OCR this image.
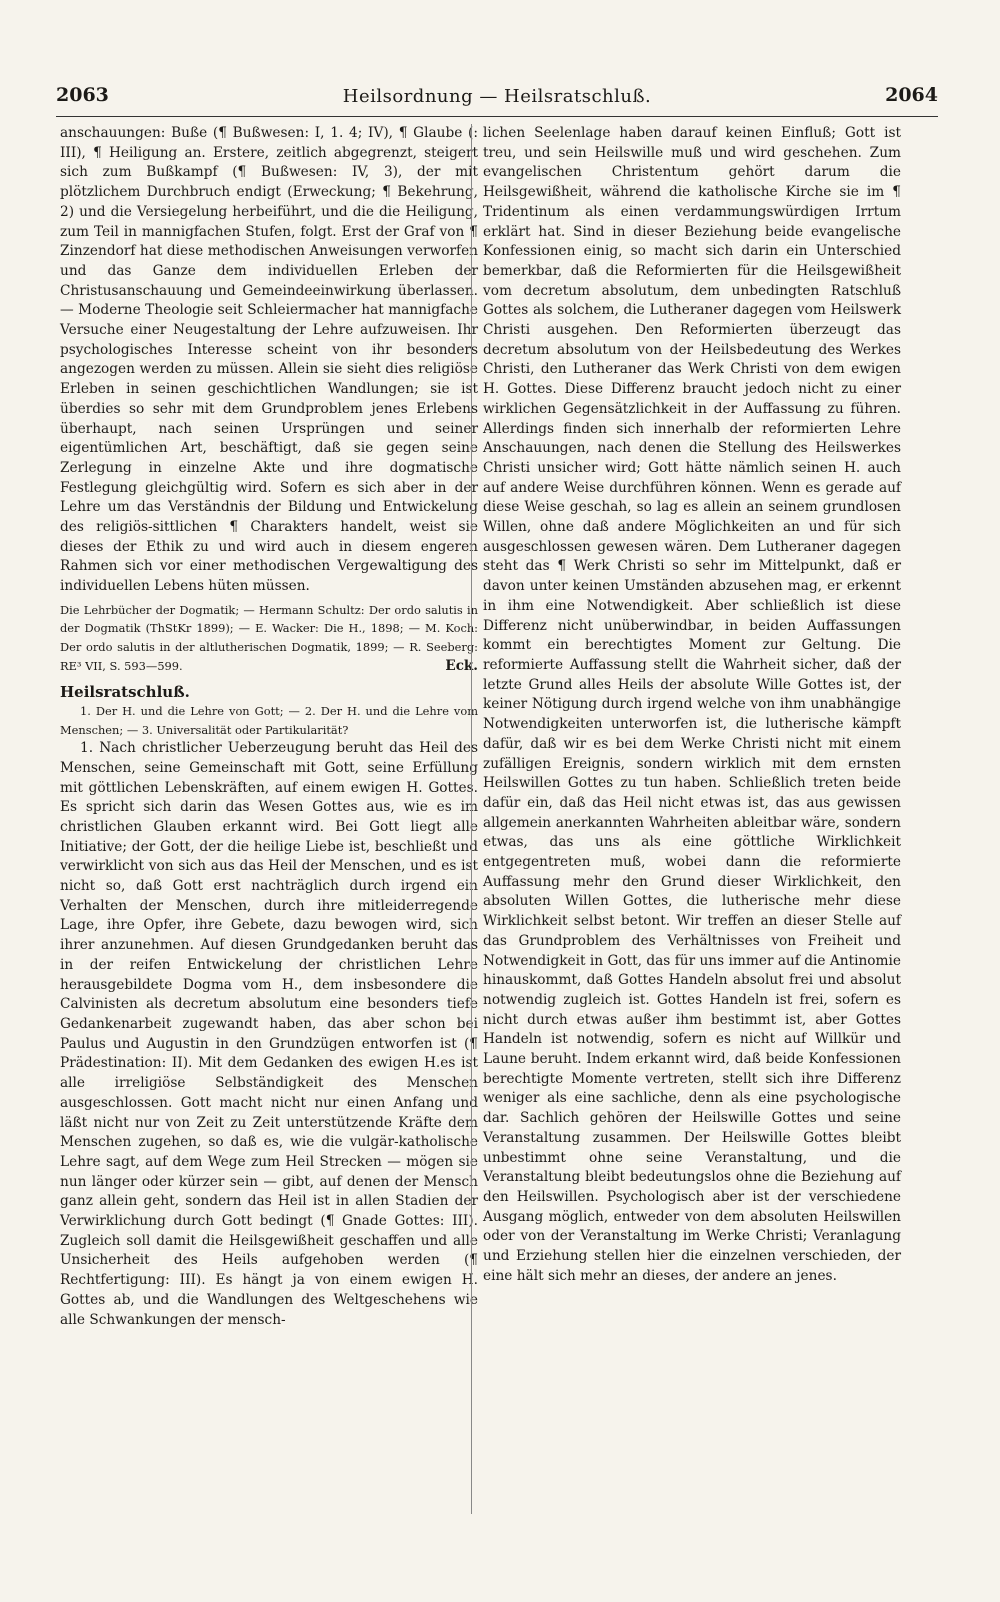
2063	Heilsordnung — Heilsratschluß.	2064

anschauungen: Buße (¶ Bußwesen: I, 1. 4; IV), ¶ Glaube (: III), ¶ Heiligung an. Erstere, zeitlich abgegrenzt, steigert sich zum Bußkampf (¶ Bußwesen: IV, 3), der mit plötzlichem Durchbruch endigt (Erweckung; ¶ Bekehrung, 2) und die Versiegelung herbeiführt, und die die Heiligung, zum Teil in mannigfachen Stufen, folgt. Erst der Graf von ¶ Zinzendorf hat diese methodischen Anweisungen verworfen und das Ganze dem individuellen Erleben der Christusanschauung und Gemeindeeinwirkung überlassen. — Moderne Theologie seit Schleiermacher hat mannigfache Versuche einer Neugestaltung der Lehre aufzuweisen. Ihr psychologisches Interesse scheint von ihr besonders angezogen werden zu müssen. Allein sie sieht dies religiöse Erleben in seinen geschichtlichen Wandlungen; sie ist überdies so sehr mit dem Grundproblem jenes Erlebens überhaupt, nach seinen Ursprüngen und seiner eigentümlichen Art, beschäftigt, daß sie gegen seine Zerlegung in einzelne Akte und ihre dogmatische Festlegung gleichgültig wird. Sofern es sich aber in der Lehre um das Verständnis der Bildung und Entwickelung des religiös-sittlichen ¶ Charakters handelt, weist sie dieses der Ethik zu und wird auch in diesem engeren Rahmen sich vor einer methodischen Vergewaltigung des individuellen Lebens hüten müssen.

Die Lehrbücher der Dogmatik; — Hermann Schultz: Der ordo salutis in der Dogmatik (ThStKr 1899); — E. Wacker: Die H., 1898; — M. Koch: Der ordo salutis in der altlutherischen Dogmatik, 1899; — R. Seeberg: RE³ VII, S. 593—599.	Eck.

Heilsratschluß.

1. Der H. und die Lehre von Gott; — 2. Der H. und die Lehre vom Menschen; — 3. Universalität oder Partikularität?

1. Nach christlicher Ueberzeugung beruht das Heil des Menschen, seine Gemeinschaft mit Gott, seine Erfüllung mit göttlichen Lebenskräften, auf einem ewigen H. Gottes. Es spricht sich darin das Wesen Gottes aus, wie es im christlichen Glauben erkannt wird. Bei Gott liegt alle Initiative; der Gott, der die heilige Liebe ist, beschließt und verwirklicht von sich aus das Heil der Menschen, und es ist nicht so, daß Gott erst nachträglich durch irgend ein Verhalten der Menschen, durch ihre mitleiderregende Lage, ihre Opfer, ihre Gebete, dazu bewogen wird, sich ihrer anzunehmen. Auf diesen Grundgedanken beruht das in der reifen Entwickelung der christlichen Lehre herausgebildete Dogma vom H., dem insbesondere die Calvinisten als decretum absolutum eine besonders tiefe Gedankenarbeit zugewandt haben, das aber schon bei Paulus und Augustin in den Grundzügen entworfen ist (¶ Prädestination: II). Mit dem Gedanken des ewigen H.es ist alle irreligiöse Selbständigkeit des Menschen ausgeschlossen. Gott macht nicht nur einen Anfang und läßt nicht nur von Zeit zu Zeit unterstützende Kräfte dem Menschen zugehen, so daß es, wie die vulgär-katholische Lehre sagt, auf dem Wege zum Heil Strecken — mögen sie nun länger oder kürzer sein — gibt, auf denen der Mensch ganz allein geht, sondern das Heil ist in allen Stadien der Verwirklichung durch Gott bedingt (¶ Gnade Gottes: III). Zugleich soll damit die Heilsgewißheit geschaffen und alle Unsicherheit des Heils aufgehoben werden (¶ Rechtfertigung: III). Es hängt ja von einem ewigen H. Gottes ab, und die Wandlungen des Weltgeschehens wie alle Schwankungen der mensch-

lichen Seelenlage haben darauf keinen Einfluß; Gott ist treu, und sein Heilswille muß und wird geschehen. Zum evangelischen Christentum gehört darum die Heilsgewißheit, während die katholische Kirche sie im ¶ Tridentinum als einen verdammungswürdigen Irrtum erklärt hat. Sind in dieser Beziehung beide evangelische Konfessionen einig, so macht sich darin ein Unterschied bemerkbar, daß die Reformierten für die Heilsgewißheit vom decretum absolutum, dem unbedingten Ratschluß Gottes als solchem, die Lutheraner dagegen vom Heilswerk Christi ausgehen. Den Reformierten überzeugt das decretum absolutum von der Heilsbedeutung des Werkes Christi, den Lutheraner das Werk Christi von dem ewigen H. Gottes. Diese Differenz braucht jedoch nicht zu einer wirklichen Gegensätzlichkeit in der Auffassung zu führen. Allerdings finden sich innerhalb der reformierten Lehre Anschauungen, nach denen die Stellung des Heilswerkes Christi unsicher wird; Gott hätte nämlich seinen H. auch auf andere Weise durchführen können. Wenn es gerade auf diese Weise geschah, so lag es allein an seinem grundlosen Willen, ohne daß andere Möglichkeiten an und für sich ausgeschlossen gewesen wären. Dem Lutheraner dagegen steht das ¶ Werk Christi so sehr im Mittelpunkt, daß er davon unter keinen Umständen abzusehen mag, er erkennt in ihm eine Notwendigkeit. Aber schließlich ist diese Differenz nicht unüberwindbar, in beiden Auffassungen kommt ein berechtigtes Moment zur Geltung. Die reformierte Auffassung stellt die Wahrheit sicher, daß der letzte Grund alles Heils der absolute Wille Gottes ist, der keiner Nötigung durch irgend welche von ihm unabhängige Notwendigkeiten unterworfen ist, die lutherische kämpft dafür, daß wir es bei dem Werke Christi nicht mit einem zufälligen Ereignis, sondern wirklich mit dem ernsten Heilswillen Gottes zu tun haben. Schließlich treten beide dafür ein, daß das Heil nicht etwas ist, das aus gewissen allgemein anerkannten Wahrheiten ableitbar wäre, sondern etwas, das uns als eine göttliche Wirklichkeit entgegentreten muß, wobei dann die reformierte Auffassung mehr den Grund dieser Wirklichkeit, den absoluten Willen Gottes, die lutherische mehr diese Wirklichkeit selbst betont. Wir treffen an dieser Stelle auf das Grundproblem des Verhältnisses von Freiheit und Notwendigkeit in Gott, das für uns immer auf die Antinomie hinauskommt, daß Gottes Handeln absolut frei und absolut notwendig zugleich ist. Gottes Handeln ist frei, sofern es nicht durch etwas außer ihm bestimmt ist, aber Gottes Handeln ist notwendig, sofern es nicht auf Willkür und Laune beruht. Indem erkannt wird, daß beide Konfessionen berechtigte Momente vertreten, stellt sich ihre Differenz weniger als eine sachliche, denn als eine psychologische dar. Sachlich gehören der Heilswille Gottes und seine Veranstaltung zusammen. Der Heilswille Gottes bleibt unbestimmt ohne seine Veranstaltung, und die Veranstaltung bleibt bedeutungslos ohne die Beziehung auf den Heilswillen. Psychologisch aber ist der verschiedene Ausgang möglich, entweder von dem absoluten Heilswillen oder von der Veranstaltung im Werke Christi; Veranlagung und Erziehung stellen hier die einzelnen verschieden, der eine hält sich mehr an dieses, der andere an jenes.
